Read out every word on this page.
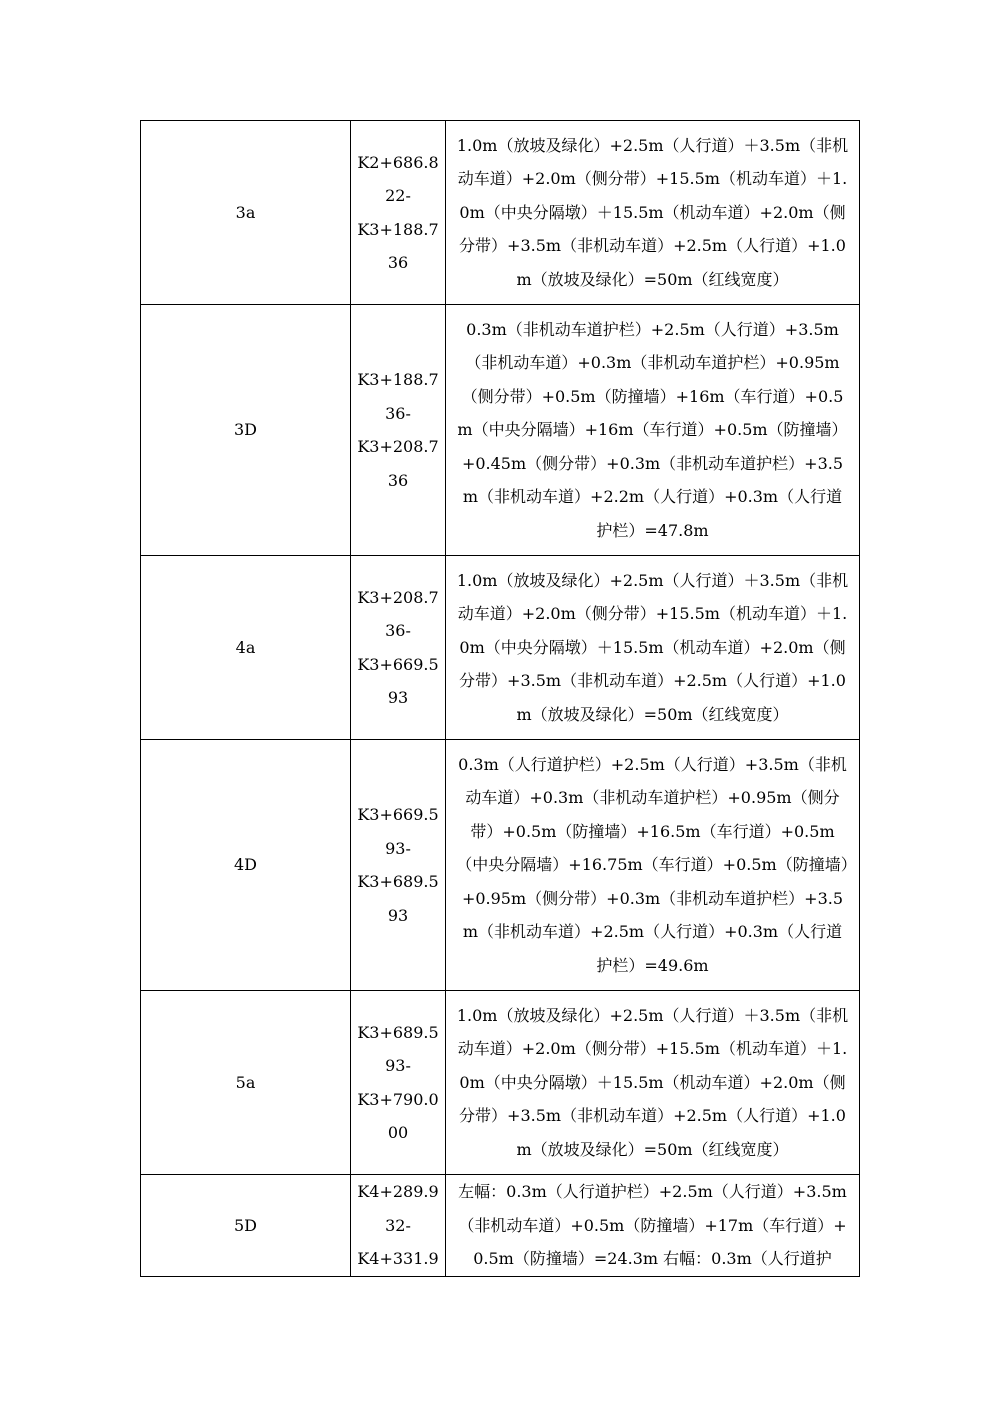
3a	K2+686.8
22-
K3+188.7
36	1.0m（放坡及绿化）+2.5m（人行道）＋3.5m（非机动车道）+2.0m（侧分带）+15.5m（机动车道）＋1.0m（中央分隔墩）＋15.5m（机动车道）+2.0m（侧分带）+3.5m（非机动车道）+2.5m（人行道）+1.0m（放坡及绿化）=50m（红线宽度）

3D	K3+188.7
36-
K3+208.7
36	0.3m（非机动车道护栏）+2.5m（人行道）+3.5m（非机动车道）+0.3m（非机动车道护栏）+0.95m（侧分带）+0.5m（防撞墙）+16m（车行道）+0.5m（中央分隔墙）+16m（车行道）+0.5m（防撞墙）+0.45m（侧分带）+0.3m（非机动车道护栏）+3.5m（非机动车道）+2.2m（人行道）+0.3m（人行道护栏）=47.8m

4a	K3+208.7
36-
K3+669.5
93	1.0m（放坡及绿化）+2.5m（人行道）＋3.5m（非机动车道）+2.0m（侧分带）+15.5m（机动车道）＋1.0m（中央分隔墩）＋15.5m（机动车道）+2.0m（侧分带）+3.5m（非机动车道）+2.5m（人行道）+1.0m（放坡及绿化）=50m（红线宽度）

4D	K3+669.5
93-
K3+689.5
93	0.3m（人行道护栏）+2.5m（人行道）+3.5m（非机动车道）+0.3m（非机动车道护栏）+0.95m（侧分带）+0.5m（防撞墙）+16.5m（车行道）+0.5m（中央分隔墙）+16.75m（车行道）+0.5m（防撞墙）+0.95m（侧分带）+0.3m（非机动车道护栏）+3.5m（非机动车道）+2.5m（人行道）+0.3m（人行道护栏）=49.6m

5a	K3+689.5
93-
K3+790.0
00	1.0m（放坡及绿化）+2.5m（人行道）＋3.5m（非机动车道）+2.0m（侧分带）+15.5m（机动车道）＋1.0m（中央分隔墩）＋15.5m（机动车道）+2.0m（侧分带）+3.5m（非机动车道）+2.5m（人行道）+1.0m（放坡及绿化）=50m（红线宽度）

5D	K4+289.9
32-
K4+331.9	左幅：0.3m（人行道护栏）+2.5m（人行道）+3.5m（非机动车道）+0.5m（防撞墙）+17m（车行道）+0.5m（防撞墙）=24.3m 右幅：0.3m（人行道护
